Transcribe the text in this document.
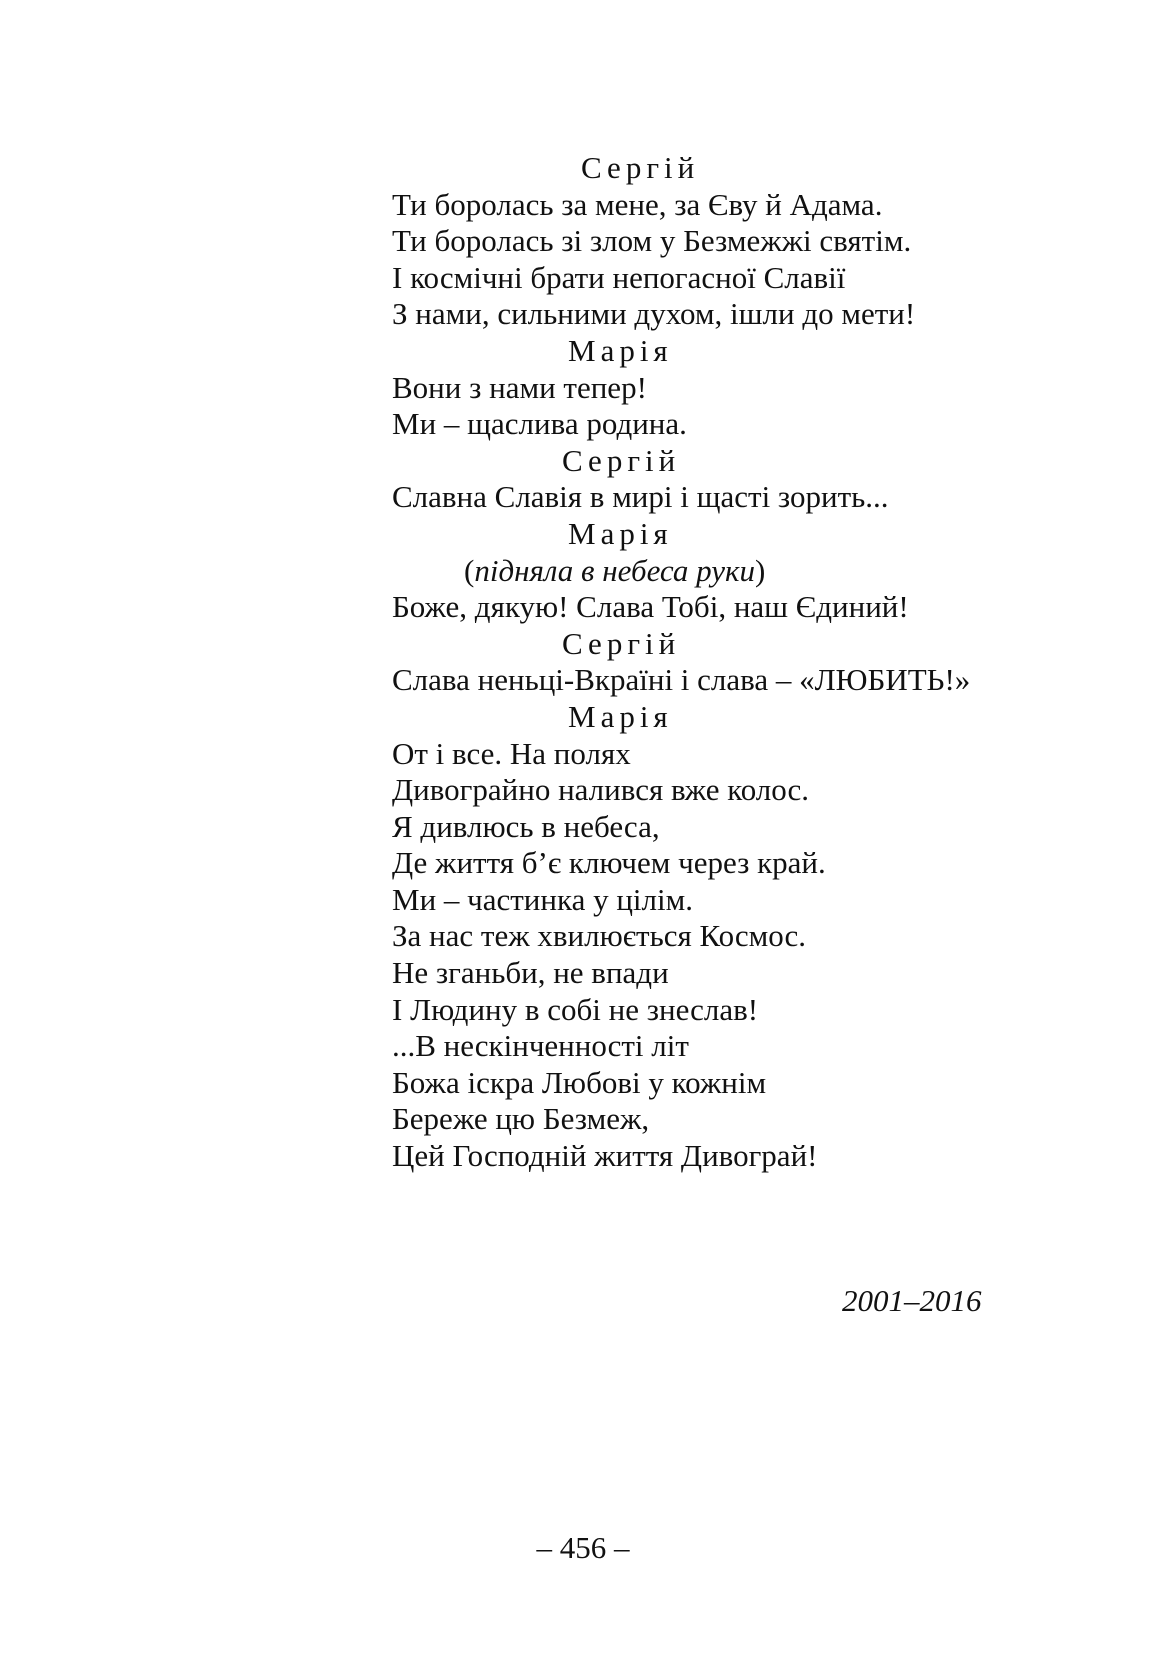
Сергій
Ти боролась за мене, за Єву й Адама.
Ти боролась зі злом у Безмежжі святім.
І космічні брати непогасної Славії
З нами, сильними духом, ішли до мети!
Марія
Вони з нами тепер!
Ми – щаслива родина.
Сергій
Славна Славія в мирі і щасті зорить...
Марія
(підняла в небеса руки)
Боже, дякую! Слава Тобі, наш Єдиний!
Сергій
Слава неньці-Вкраїні і слава – «ЛЮБИТЬ!»
Марія
От і все. На полях
Дивограйно налився вже колос.
Я дивлюсь в небеса,
Де життя б’є ключем через край.
Ми – частинка у цілім.
За нас теж хвилюється Космос.
Не зганьби, не впади
І Людину в собі не знеслав!
...В нескінченності літ
Божа іскра Любові у кожнім
Береже цю Безмеж,
Цей Господній життя Дивограй!
2001–2016
– 456 –
